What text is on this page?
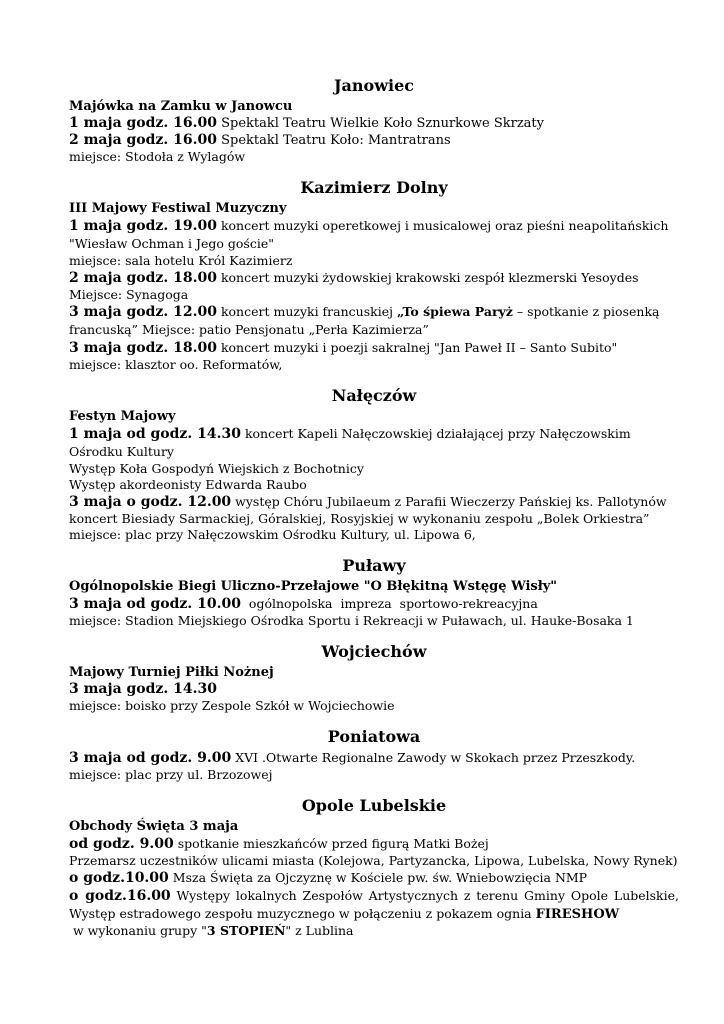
Janowiec
Majówka na Zamku w Janowcu
1 maja godz. 16.00 Spektakl Teatru Wielkie Koło Sznurkowe Skrzaty
2 maja godz. 16.00 Spektakl Teatru Koło: Mantratrans
miejsce: Stodoła z Wylagów
Kazimierz Dolny
III Majowy Festiwal Muzyczny
1 maja godz. 19.00 koncert muzyki operetkowej i musicalowej oraz pieśni neapolitańskich "Wiesław Ochman i Jego goście"
miejsce: sala hotelu Król Kazimierz
2 maja godz. 18.00 koncert muzyki żydowskiej krakowski zespół klezmerski Yesoydes
Miejsce: Synagoga
3 maja godz. 12.00 koncert muzyki francuskiej „To śpiewa Paryż – spotkanie z piosenką francuską” Miejsce: patio Pensjonatu „Perła Kazimierza”
3 maja godz. 18.00 koncert muzyki i poezji sakralnej "Jan Paweł II – Santo Subito"
miejsce: klasztor oo. Reformatów,
Nałęczów
Festyn Majowy
1 maja od godz. 14.30 koncert Kapeli Nałęczowskiej działającej przy Nałęczowskim Ośrodku Kultury
Występ Koła Gospodyń Wiejskich z Bochotnicy
Występ akordeonisty Edwarda Raubo
3 maja o godz. 12.00 występ Chóru Jubilaeum z Parafii Wieczerzy Pańskiej ks. Pallotynów
koncert Biesiady Sarmackiej, Góralskiej, Rosyjskiej w wykonaniu zespołu „Bolek Orkiestra”
miejsce: plac przy Nałęczowskim Ośrodku Kultury, ul. Lipowa 6,
Puławy
Ogólnopolskie Biegi Uliczno-Przełajowe "O Błękitną Wstęgę Wisły"
3 maja od godz. 10.00  ogólnopolska  impreza  sportowo-rekreacyjna
miejsce: Stadion Miejskiego Ośrodka Sportu i Rekreacji w Puławach, ul. Hauke-Bosaka 1
Wojciechów
Majowy Turniej Piłki Nożnej
3 maja godz. 14.30
miejsce: boisko przy Zespole Szkół w Wojciechowie
Poniatowa
3 maja od godz. 9.00 XVI .Otwarte Regionalne Zawody w Skokach przez Przeszkody.
miejsce: plac przy ul. Brzozowej
Opole Lubelskie
Obchody Święta 3 maja
od godz. 9.00 spotkanie mieszkańców przed figurą Matki Bożej
Przemarsz uczestników ulicami miasta (Kolejowa, Partyzancka, Lipowa, Lubelska, Nowy Rynek)
o godz.10.00 Msza Święta za Ojczyznę w Kościele pw. św. Wniebowzięcia NMP
o godz.16.00 Występy lokalnych Zespołów Artystycznych z terenu Gminy Opole Lubelskie, Występ estradowego zespołu muzycznego w połączeniu z pokazem ognia FIRESHOW
w wykonaniu grupy "3 STOPIEŃ" z Lublina
